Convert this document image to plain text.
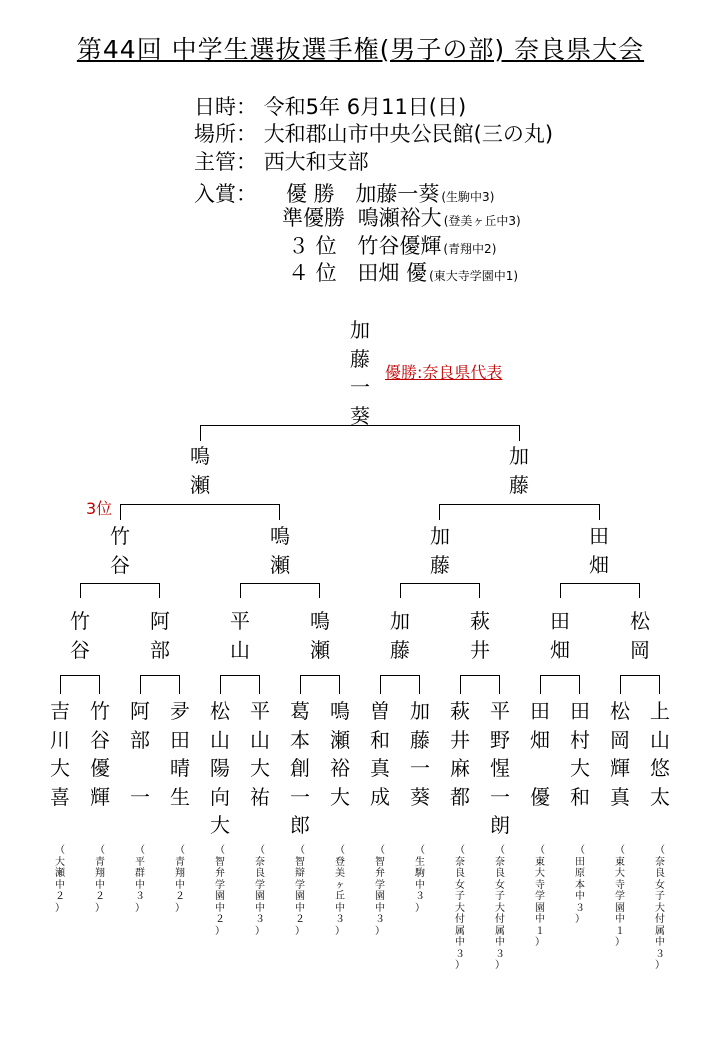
第44回 中学生選抜選手権(男子の部) 奈良県大会
日時： 令和5年 6月11日(日)
場所： 大和郡山市中央公民館(三の丸)
主管： 西大和支部
入賞： 優 勝 加藤一葵 (生駒中3)
準優勝 鳴瀬裕大 (登美ヶ丘中3)
３ 位 竹谷優輝 (青翔中2)
４ 位 田畑 優 (東大寺学園中1)
加
藤
一
葵
優勝:奈良県代表
3位
鳴
瀬
加
藤
竹
谷
鳴
瀬
加
藤
田
畑
竹
谷
阿
部
平
山
鳴
瀬
加
藤
萩
井
田
畑
松
岡
吉
川
大
喜
竹
谷
優
輝
阿
部

一
夛
田
晴
生
松
山
陽
向
大
平
山
大
祐
葛
本
創
一
郎
鳴
瀬
裕
大
曽
和
真
成
加
藤
一
葵
萩
井
麻
都
平
野
惺
一
朗
田
畑

優
田
村
大
和
松
岡
輝
真
上
山
悠
太
（
大
瀬
中
２
）
（
青
翔
中
２
）
（
平
群
中
３
）
（
青
翔
中
２
）
（
智
弁
学
園
中
２
）
（
奈
良
学
園
中
３
）
（
智
辯
学
園
中
２
）
（
登
美
ヶ
丘
中
３
）
（
智
弁
学
園
中
３
）
（
生
駒
中
３
）
（
奈
良
女
子
大
付
属
中
３
）
（
奈
良
女
子
大
付
属
中
３
）
（
東
大
寺
学
園
中
１
）
（
田
原
本
中
３
）
（
東
大
寺
学
園
中
１
）
（
奈
良
女
子
大
付
属
中
３
）
